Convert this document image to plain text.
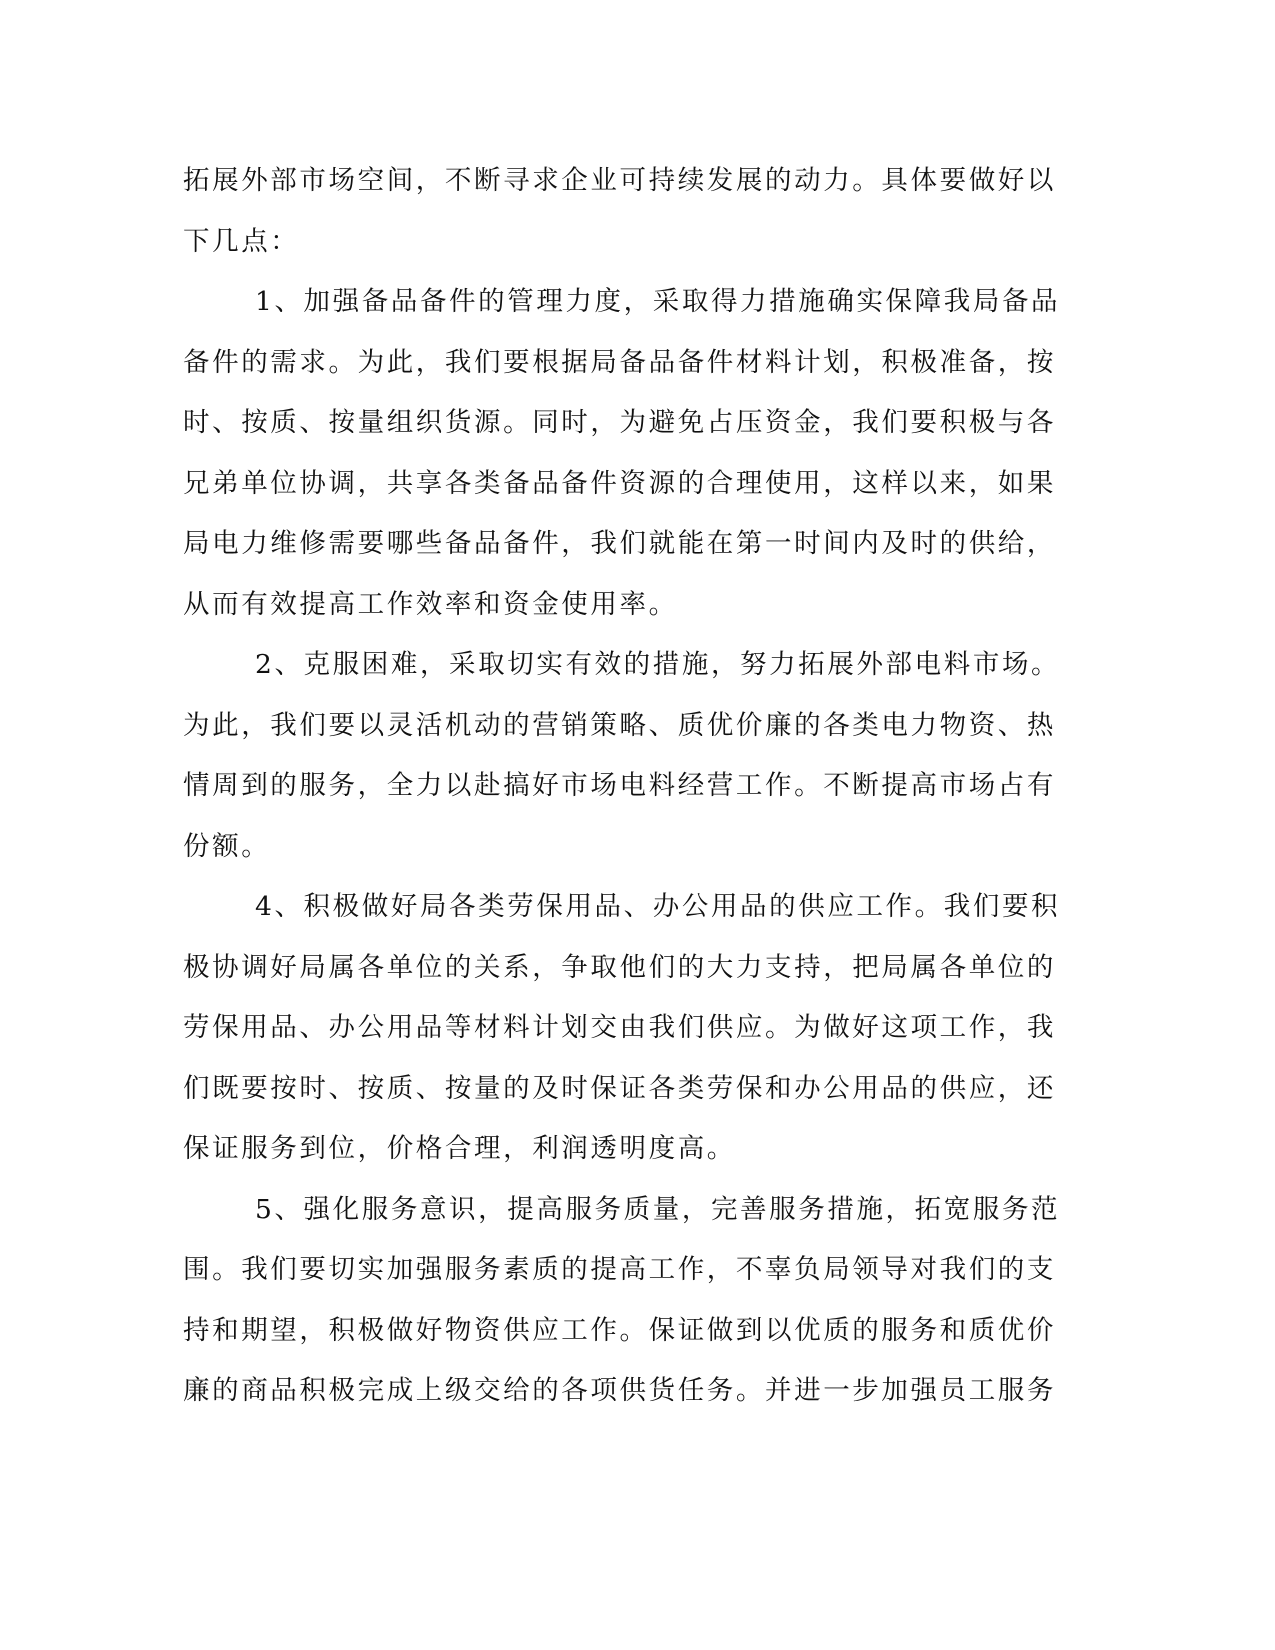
拓展外部市场空间，不断寻求企业可持续发展的动力。具体要做好以
下几点：
1、加强备品备件的管理力度，采取得力措施确实保障我局备品
备件的需求。为此，我们要根据局备品备件材料计划，积极准备，按
时、按质、按量组织货源。同时，为避免占压资金，我们要积极与各
兄弟单位协调，共享各类备品备件资源的合理使用，这样以来，如果
局电力维修需要哪些备品备件，我们就能在第一时间内及时的供给，
从而有效提高工作效率和资金使用率。
2、克服困难，采取切实有效的措施，努力拓展外部电料市场。
为此，我们要以灵活机动的营销策略、质优价廉的各类电力物资、热
情周到的服务，全力以赴搞好市场电料经营工作。不断提高市场占有
份额。
4、积极做好局各类劳保用品、办公用品的供应工作。我们要积
极协调好局属各单位的关系，争取他们的大力支持，把局属各单位的
劳保用品、办公用品等材料计划交由我们供应。为做好这项工作，我
们既要按时、按质、按量的及时保证各类劳保和办公用品的供应，还
保证服务到位，价格合理，利润透明度高。
5、强化服务意识，提高服务质量，完善服务措施，拓宽服务范
围。我们要切实加强服务素质的提高工作，不辜负局领导对我们的支
持和期望，积极做好物资供应工作。保证做到以优质的服务和质优价
廉的商品积极完成上级交给的各项供货任务。并进一步加强员工服务
